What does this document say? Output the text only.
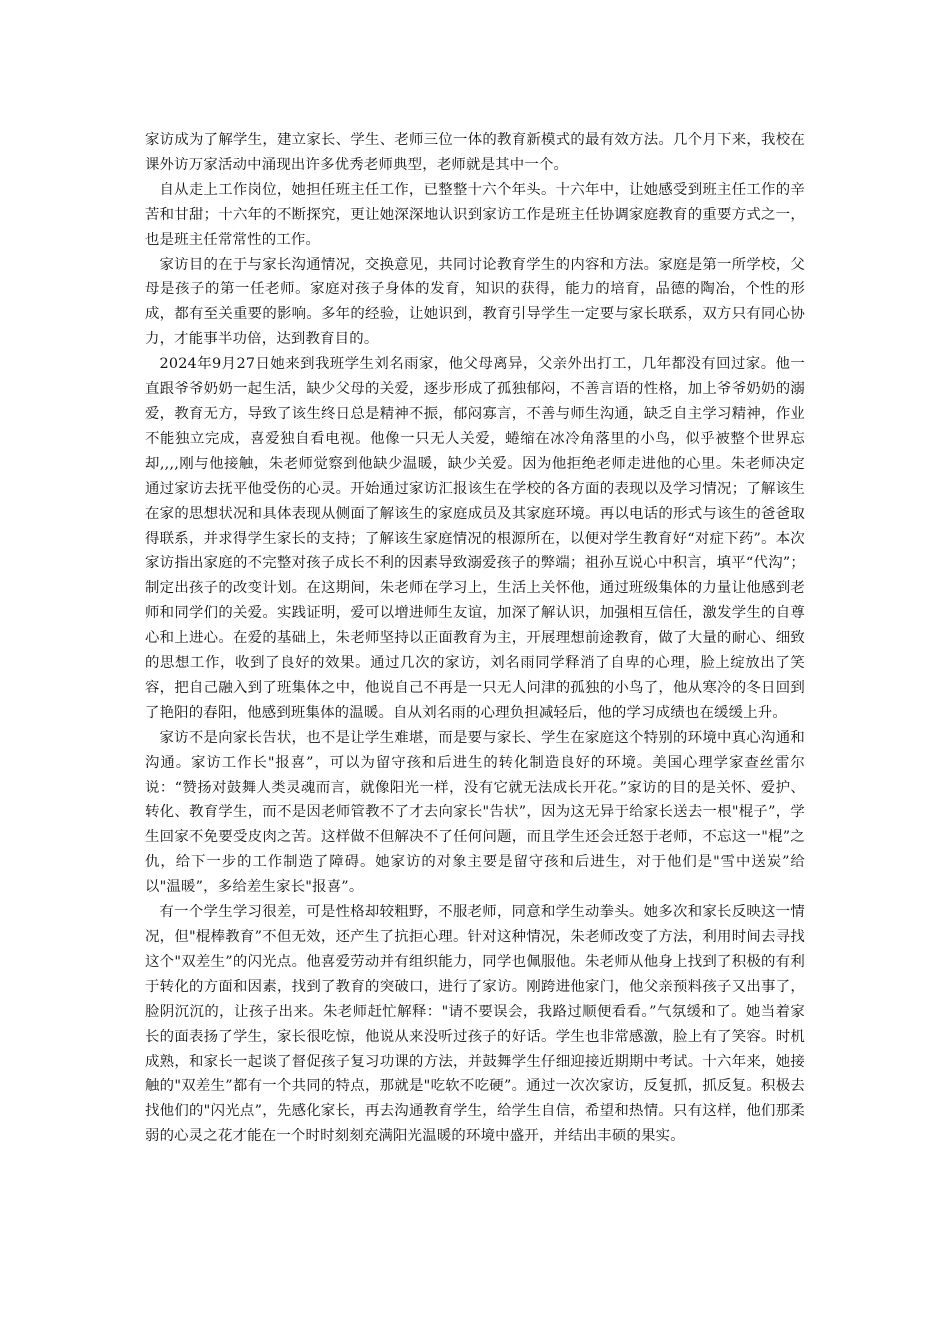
家访成为了解学生，建立家长、学生、老师三位一体的教育新模式的最有效方法。几个月下来，我校在课外访万家活动中涌现出许多优秀老师典型，老师就是其中一个。

自从走上工作岗位，她担任班主任工作，已整整十六个年头。十六年中，让她感受到班主任工作的辛苦和甘甜；十六年的不断探究，更让她深深地认识到家访工作是班主任协调家庭教育的重要方式之一，也是班主任常常性的工作。

家访目的在于与家长沟通情况，交换意见，共同讨论教育学生的内容和方法。家庭是第一所学校，父母是孩子的第一任老师。家庭对孩子身体的发育，知识的获得，能力的培育，品德的陶冶，个性的形成，都有至关重要的影响。多年的经验，让她识到，教育引导学生一定要与家长联系，双方只有同心协力，才能事半功倍，达到教育目的。

2024年9月27日她来到我班学生刘名雨家，他父母离异，父亲外出打工，几年都没有回过家。他一直跟爷爷奶奶一起生活，缺少父母的关爱，逐步形成了孤独郁闷，不善言语的性格，加上爷爷奶奶的溺爱，教育无方，导致了该生终日总是精神不振，郁闷寡言，不善与师生沟通，缺乏自主学习精神，作业不能独立完成，喜爱独自看电视。他像一只无人关爱，蜷缩在冰冷角落里的小鸟，似乎被整个世界忘却,,,,刚与他接触，朱老师觉察到他缺少温暖，缺少关爱。因为他拒绝老师走进他的心里。朱老师决定通过家访去抚平他受伤的心灵。开始通过家访汇报该生在学校的各方面的表现以及学习情况；了解该生在家的思想状况和具体表现从侧面了解该生的家庭成员及其家庭环境。再以电话的形式与该生的爸爸取得联系，并求得学生家长的支持；了解该生家庭情况的根源所在，以便对学生教育好“对症下药”。本次家访指出家庭的不完整对孩子成长不利的因素导致溺爱孩子的弊端；祖孙互说心中积言，填平“代沟”；制定出孩子的改变计划。在这期间，朱老师在学习上，生活上关怀他，通过班级集体的力量让他感到老师和同学们的关爱。实践证明，爱可以增进师生友谊，加深了解认识，加强相互信任，激发学生的自尊心和上进心。在爱的基础上，朱老师坚持以正面教育为主，开展理想前途教育，做了大量的耐心、细致的思想工作，收到了良好的效果。通过几次的家访，刘名雨同学释消了自卑的心理，脸上绽放出了笑容，把自己融入到了班集体之中，他说自己不再是一只无人问津的孤独的小鸟了，他从寒冷的冬日回到了艳阳的春阳，他感到班集体的温暖。自从刘名雨的心理负担减轻后，他的学习成绩也在缓缓上升。

家访不是向家长告状，也不是让学生难堪，而是要与家长、学生在家庭这个特别的环境中真心沟通和沟通。家访工作长"报喜”，可以为留守孩和后进生的转化制造良好的环境。美国心理学家查丝雷尔说：“赞扬对鼓舞人类灵魂而言，就像阳光一样，没有它就无法成长开花。”家访的目的是关怀、爱护、转化、教育学生，而不是因老师管教不了才去向家长"告状”，因为这无异于给家长送去一根"棍子”，学生回家不免要受皮肉之苦。这样做不但解决不了任何问题，而且学生还会迁怒于老师，不忘这一"棍”之仇，给下一步的工作制造了障碍。她家访的对象主要是留守孩和后进生，对于他们是"雪中送炭”给以"温暖”，多给差生家长"报喜”。

有一个学生学习很差，可是性格却较粗野，不服老师，同意和学生动拳头。她多次和家长反映这一情况，但"棍棒教育”不但无效，还产生了抗拒心理。针对这种情况，朱老师改变了方法，利用时间去寻找这个"双差生”的闪光点。他喜爱劳动并有组织能力，同学也佩服他。朱老师从他身上找到了积极的有利于转化的方面和因素，找到了教育的突破口，进行了家访。刚跨进他家门，他父亲预料孩子又出事了，脸阴沉沉的，让孩子出来。朱老师赶忙解释："请不要误会，我路过顺便看看。”气氛缓和了。她当着家长的面表扬了学生，家长很吃惊，他说从来没听过孩子的好话。学生也非常感激，脸上有了笑容。时机成熟，和家长一起谈了督促孩子复习功课的方法，并鼓舞学生仔细迎接近期期中考试。十六年来，她接触的"双差生”都有一个共同的特点，那就是"吃软不吃硬”。通过一次次家访，反复抓，抓反复。积极去找他们的"闪光点”，先感化家长，再去沟通教育学生，给学生自信，希望和热情。只有这样，他们那柔弱的心灵之花才能在一个时时刻刻充满阳光温暖的环境中盛开，并结出丰硕的果实。
